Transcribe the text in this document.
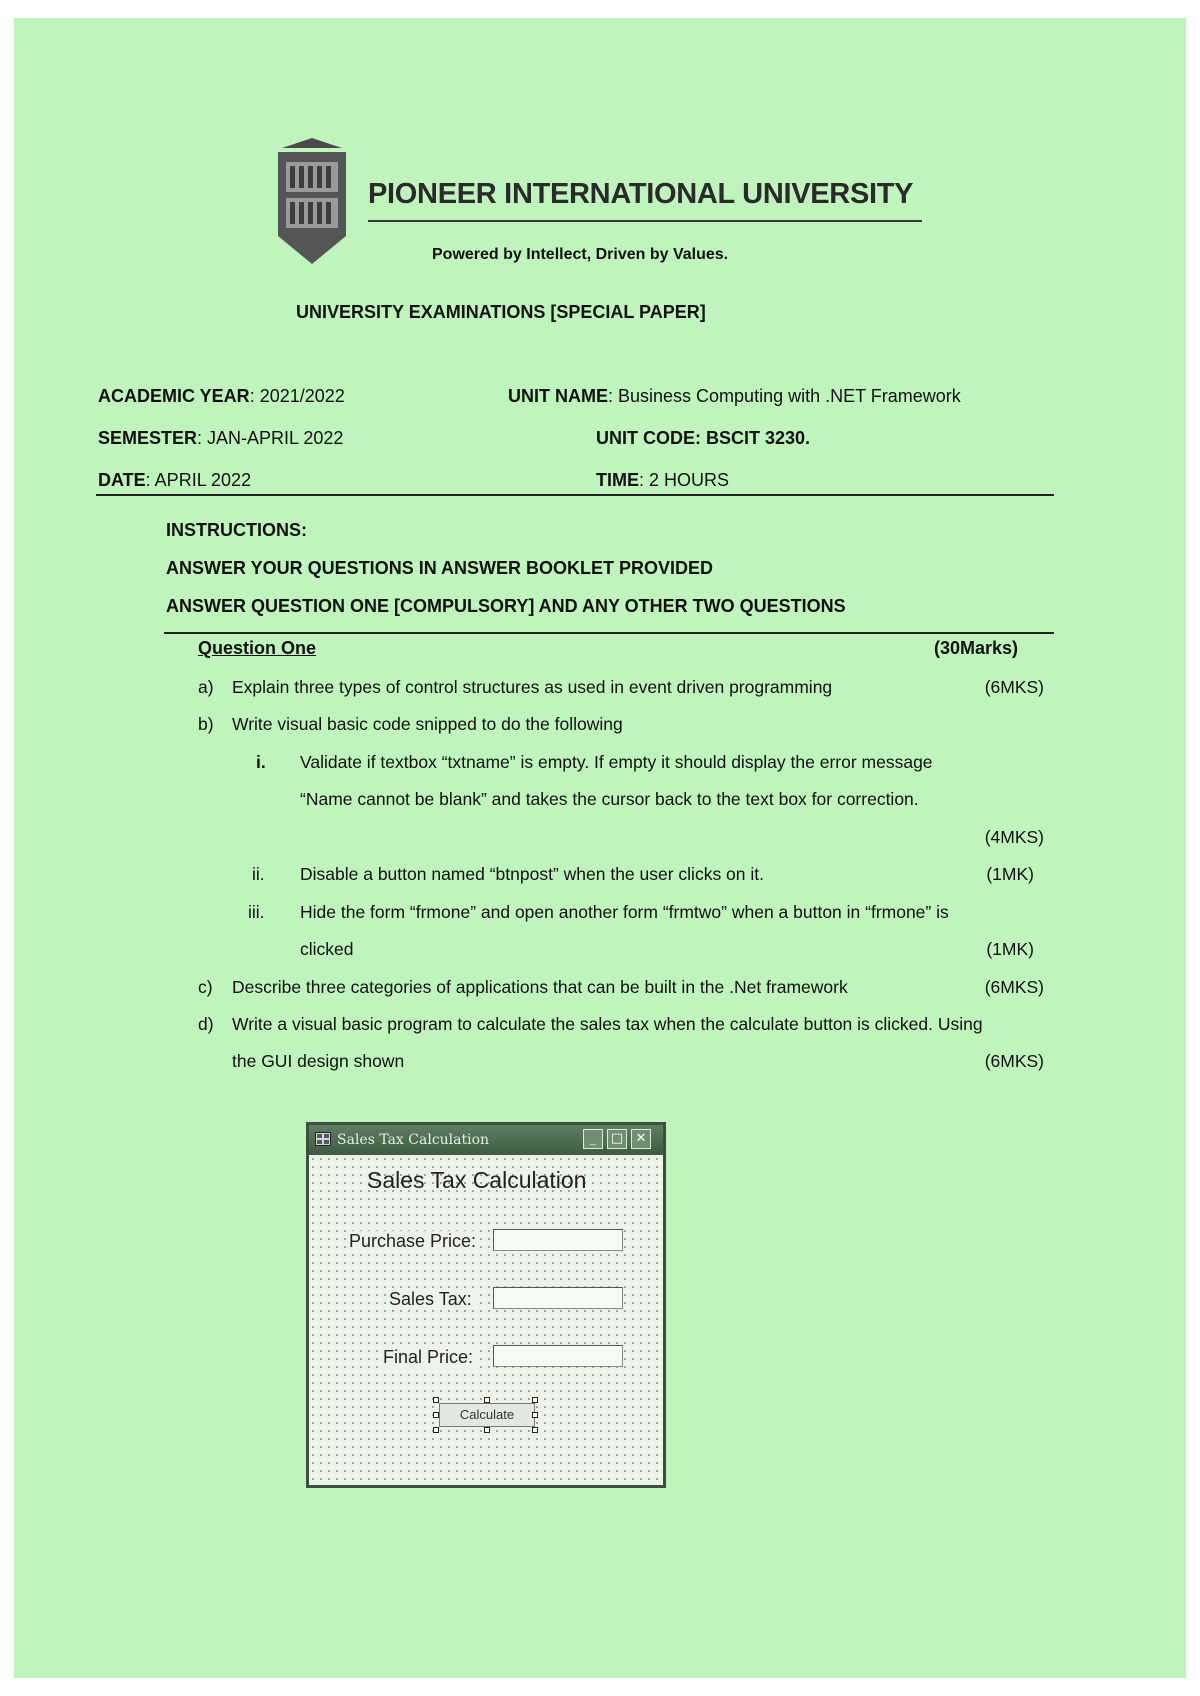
PIONEER INTERNATIONAL UNIVERSITY
Powered by Intellect, Driven by Values.
UNIVERSITY EXAMINATIONS [SPECIAL PAPER]
ACADEMIC YEAR: 2021/2022	UNIT NAME: Business Computing with .NET Framework
SEMESTER: JAN-APRIL 2022	UNIT CODE: BSCIT 3230.
DATE: APRIL 2022	TIME: 2 HOURS
INSTRUCTIONS:
ANSWER YOUR QUESTIONS IN ANSWER BOOKLET PROVIDED
ANSWER QUESTION ONE [COMPULSORY] AND ANY OTHER TWO QUESTIONS
Question One	(30Marks)
a) Explain three types of control structures as used in event driven programming	(6MKS)
b) Write visual basic code snipped to do the following
i. Validate if textbox “txtname” is empty. If empty it should display the error message
“Name cannot be blank” and takes the cursor back to the text box for correction.
(4MKS)
ii. Disable a button named “btnpost” when the user clicks on it.	(1MK)
iii. Hide the form “frmone” and open another form “frmtwo” when a button in “frmone” is
clicked	(1MK)
c) Describe three categories of applications that can be built in the .Net framework	(6MKS)
d) Write a visual basic program to calculate the sales tax when the calculate button is clicked. Using
the GUI design shown	(6MKS)
Sales Tax Calculation	_	□ ✕
Sales Tax Calculation
Purchase Price:
Sales Tax:
Final Price:
Calculate
